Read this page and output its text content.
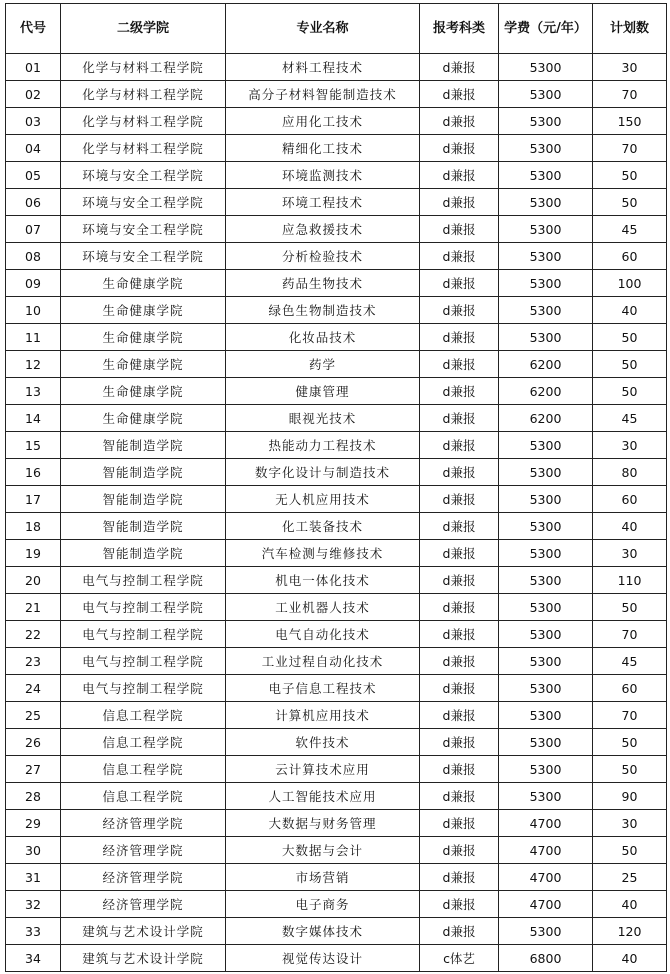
代号	二级学院	专业名称	报考科类	学费（元/年）	计划数
01	化学与材料工程学院	材料工程技术	d兼报	5300	30
02	化学与材料工程学院	高分子材料智能制造技术	d兼报	5300	70
03	化学与材料工程学院	应用化工技术	d兼报	5300	150
04	化学与材料工程学院	精细化工技术	d兼报	5300	70
05	环境与安全工程学院	环境监测技术	d兼报	5300	50
06	环境与安全工程学院	环境工程技术	d兼报	5300	50
07	环境与安全工程学院	应急救援技术	d兼报	5300	45
08	环境与安全工程学院	分析检验技术	d兼报	5300	60
09	生命健康学院	药品生物技术	d兼报	5300	100
10	生命健康学院	绿色生物制造技术	d兼报	5300	40
11	生命健康学院	化妆品技术	d兼报	5300	50
12	生命健康学院	药学	d兼报	6200	50
13	生命健康学院	健康管理	d兼报	6200	50
14	生命健康学院	眼视光技术	d兼报	6200	45
15	智能制造学院	热能动力工程技术	d兼报	5300	30
16	智能制造学院	数字化设计与制造技术	d兼报	5300	80
17	智能制造学院	无人机应用技术	d兼报	5300	60
18	智能制造学院	化工装备技术	d兼报	5300	40
19	智能制造学院	汽车检测与维修技术	d兼报	5300	30
20	电气与控制工程学院	机电一体化技术	d兼报	5300	110
21	电气与控制工程学院	工业机器人技术	d兼报	5300	50
22	电气与控制工程学院	电气自动化技术	d兼报	5300	70
23	电气与控制工程学院	工业过程自动化技术	d兼报	5300	45
24	电气与控制工程学院	电子信息工程技术	d兼报	5300	60
25	信息工程学院	计算机应用技术	d兼报	5300	70
26	信息工程学院	软件技术	d兼报	5300	50
27	信息工程学院	云计算技术应用	d兼报	5300	50
28	信息工程学院	人工智能技术应用	d兼报	5300	90
29	经济管理学院	大数据与财务管理	d兼报	4700	30
30	经济管理学院	大数据与会计	d兼报	4700	50
31	经济管理学院	市场营销	d兼报	4700	25
32	经济管理学院	电子商务	d兼报	4700	40
33	建筑与艺术设计学院	数字媒体技术	d兼报	5300	120
34	建筑与艺术设计学院	视觉传达设计	c体艺	6800	40
